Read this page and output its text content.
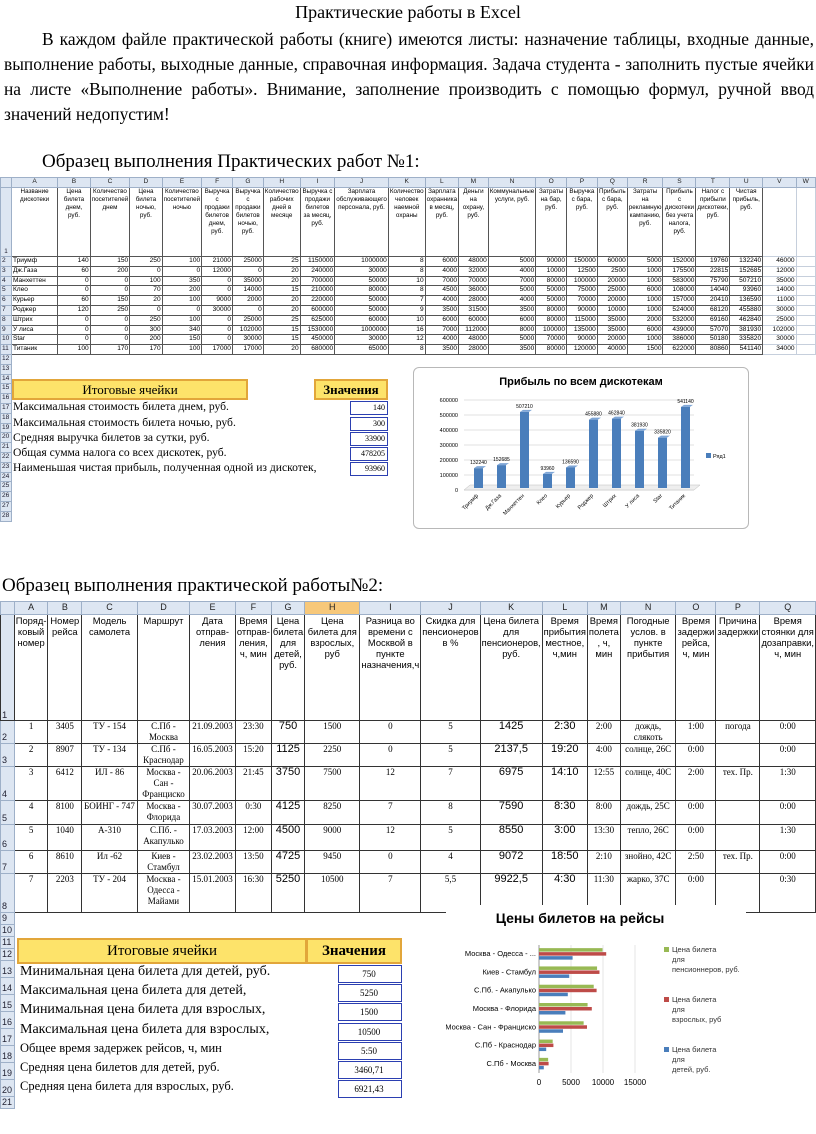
Практические работы в Excel
В каждом файле практической работы (книге) имеются листы: назначение таблицы, входные данные, выполнение работы, выходные данные, справочная информация. Задача студента - заполнить пустые ячейки на листе «Выполнение работы». Внимание, заполнение производить с помощью формул, ручной ввод значений недопустим!
Образец выполнения Практических работ №1:
	A	B	C	D	E	F	G	H	I	J	K	L	M	N	O	P	Q	R	S	T	U	V	W
1	Название дискотеки	Цена билета днем, руб.	Количество посетителей днем	Цена билета ночью, руб.	Количество посетителей ночью	Выручка с продажи билетов днем, руб.	Выручка с продажи билетов ночью, руб.	Количество рабочих дней в месяце	Выручка с продажи билетов за месяц, руб.	Зарплата обслуживающего персонала, руб.	Количество человек наемной охраны	Зарплата охранника в месяц, руб.	Деньги на охрану, руб.	Коммунальные услуги, руб.	Затраты на бар, руб.	Выручка с бара, руб.	Прибыль с бара, руб.	Затраты на рекламную кампанию, руб.	Прибыль с дискотеки без учета налога, руб.	Налог с прибыли дискотеки, руб.	Чистая прибыль, руб.		
2	Триумф	140	150	250	100	21000	25000	25	1150000	1000000	8	6000	48000	5000	90000	150000	60000	5000	152000	19760	132240	46000	
3	Дж.Газа	60	200	0	0	12000	0	20	240000	30000	8	4000	32000	4000	10000	12500	2500	1000	175500	22815	152685	12000	
4	Манхеттен	0	0	100	350	0	35000	20	700000	50000	10	7000	70000	7000	80000	100000	20000	1000	583000	75790	507210	35000	
5	Клео	0	0	70	200	0	14000	15	210000	80000	8	4500	36000	5000	50000	75000	25000	6000	108000	14040	93960	14000	
6	Курьер	60	150	20	100	9000	2000	20	220000	50000	7	4000	28000	4000	50000	70000	20000	1000	157000	20410	136590	11000	
7	Роджер	120	250	0	0	30000	0	20	600000	50000	9	3500	31500	3500	80000	90000	10000	1000	524000	68120	455880	30000	
8	Штрих	0	0	250	100	0	25000	25	625000	60000	10	6000	60000	6000	80000	115000	35000	2000	532000	69160	462840	25000	
9	У лиса	0	0	300	340	0	102000	15	1530000	1000000	16	7000	112000	8000	100000	135000	35000	6000	439000	57070	381930	102000	
10	Star	0	0	200	150	0	30000	15	450000	30000	12	4000	48000	5000	70000	90000	20000	1000	386000	50180	335820	30000	
11	Титаник	100	170	170	100	17000	17000	20	680000	65000	8	3500	28000	3500	80000	120000	40000	1500	622000	80860	541140	34000	
12																							
13																							
14																							
15																							
16																							
17																							
18																							
19																							
20																							
21																							
22																							
23																							
24																							
25																							
26																							
27																							
28																							
Итоговые ячейки	Значения
Максимальная стоимость билета днем, руб.	140
Максимальная стоимость билета ночью, руб.	300
Средняя выручка билетов за сутки, руб.	33900
Общая сумма налога со всех дискотек, руб.	478205
Наименьшая чистая прибыль, полученная одной из дискотек,	93960
Прибыль по всем дискотекам
0
100000
200000
300000
400000
500000
600000
132240
Триумф
152685
Дж.Газа
507210
Манхеттен
93960
Клео
136590
Курьер
455880
Роджер
462840
Штрих
381930
У лиса
335820
Star
541140
Титаник
Ряд1
Образец выполнения практической работы№2:
	A	B	C	D	E	F	G	H	I	J	K	L	M	N	O	P	Q
1	Поряд-ковый номер	Номер рейса	Модель самолета	Маршрут	Дата отправ-ления	Время отправ-ления, ч, мин	Цена билета для детей, руб.	Цена билета для взрослых, руб	Разница во времени с Москвой в пункте назначения,ч	Скидка для пенсионеров в %	Цена билета для пенсионеров, руб.	Время прибытия местное, ч,мин	Время полета , ч, мин	Погодные услов. в пункте прибытия	Время задержи рейса, ч, мин	Причина задержки	Время стоянки для дозаправки, ч, мин
2	1	3405	ТУ - 154	С.Пб - Москва	21.09.2003	23:30	750	1500	0	5	1425	2:30	2:00	дождь, слякоть	1:00	погода	0:00
3	2	8907	ТУ - 134	С.Пб - Краснодар	16.05.2003	15:20	1125	2250	0	5	2137,5	19:20	4:00	солнце, 26С	0:00		0:00
4	3	6412	ИЛ - 86	Москва - Сан - Франциско	20.06.2003	21:45	3750	7500	12	7	6975	14:10	12:55	солнце, 40С	2:00	тех. Пр.	1:30
5	4	8100	БОИНГ - 747	Москва - Флорида	30.07.2003	0:30	4125	8250	7	8	7590	8:30	8:00	дождь, 25С	0:00		0:00
6	5	1040	А-310	С.Пб. - Акапулько	17.03.2003	12:00	4500	9000	12	5	8550	3:00	13:30	тепло, 26С	0:00		1:30
7	6	8610	Ил -62	Киев - Стамбул	23.02.2003	13:50	4725	9450	0	4	9072	18:50	2:10	знойно, 42С	2:50	тех. Пр.	0:00
8	7	2203	ТУ - 204	Москва - Одесса - Майами	15.01.2003	16:30	5250	10500	7	5,5	9922,5	4:30	11:30	жарко, 37С	0:00		0:30
9																	
10																	
11																	
12																	
13																	
14																	
15																	
16																	
17																	
18																	
19																	
20																	
21																	
Итоговые ячейки	Значения
Минимальная цена билета для детей, руб.	750
Максимальная цена билета для детей,	5250
Минимальная цена билета для взрослых,	1500
Максимальная цена билета для взрослых,	10500
Общее время задержек рейсов, ч, мин	5:50
Средняя цена билетов для детей, руб.	3460,71
Средняя цена билета для взрослых, руб.	6921,43
Цены билетов на рейсы
0	5000 10000 15000
С.Пб - Москва
С.Пб - Краснодар
Москва - Сан - Франциско
Москва - Флорида
С.Пб. - Акапулько
Киев - Стамбул
Москва - Одесса - ...	Цена билета для пенсионнеров, руб.
Цена билета для взрослых, руб
Цена билета для детей, руб.
